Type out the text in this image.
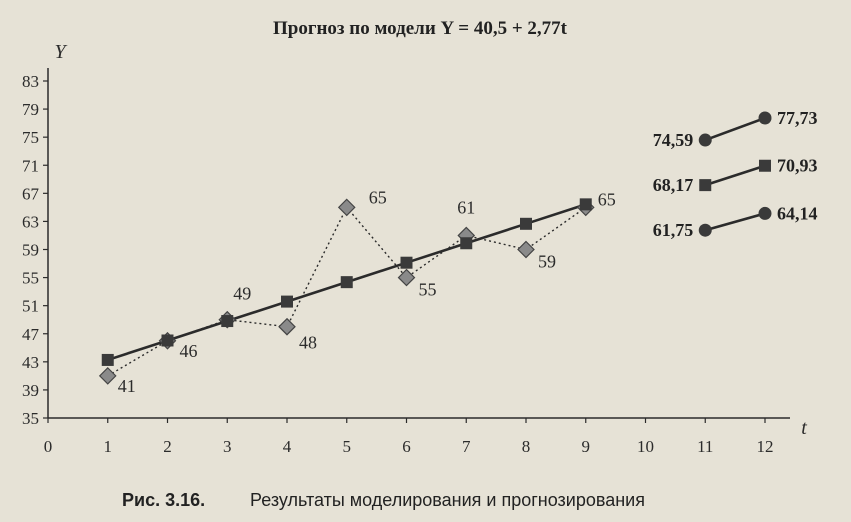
Прогноз по модели Y = 40,5 + 2,77t
35
39
43
47
51
55
59
63
67
71
75
79
83
0	1	2	3	4	5	6	7	8	9	10	11	12
Y
t
41
46
49
48
65
55
61
59
65
74,59
77,73
68,17
70,93
61,75
64,14
Рис. 3.16. Результаты моделирования и прогнозирования
